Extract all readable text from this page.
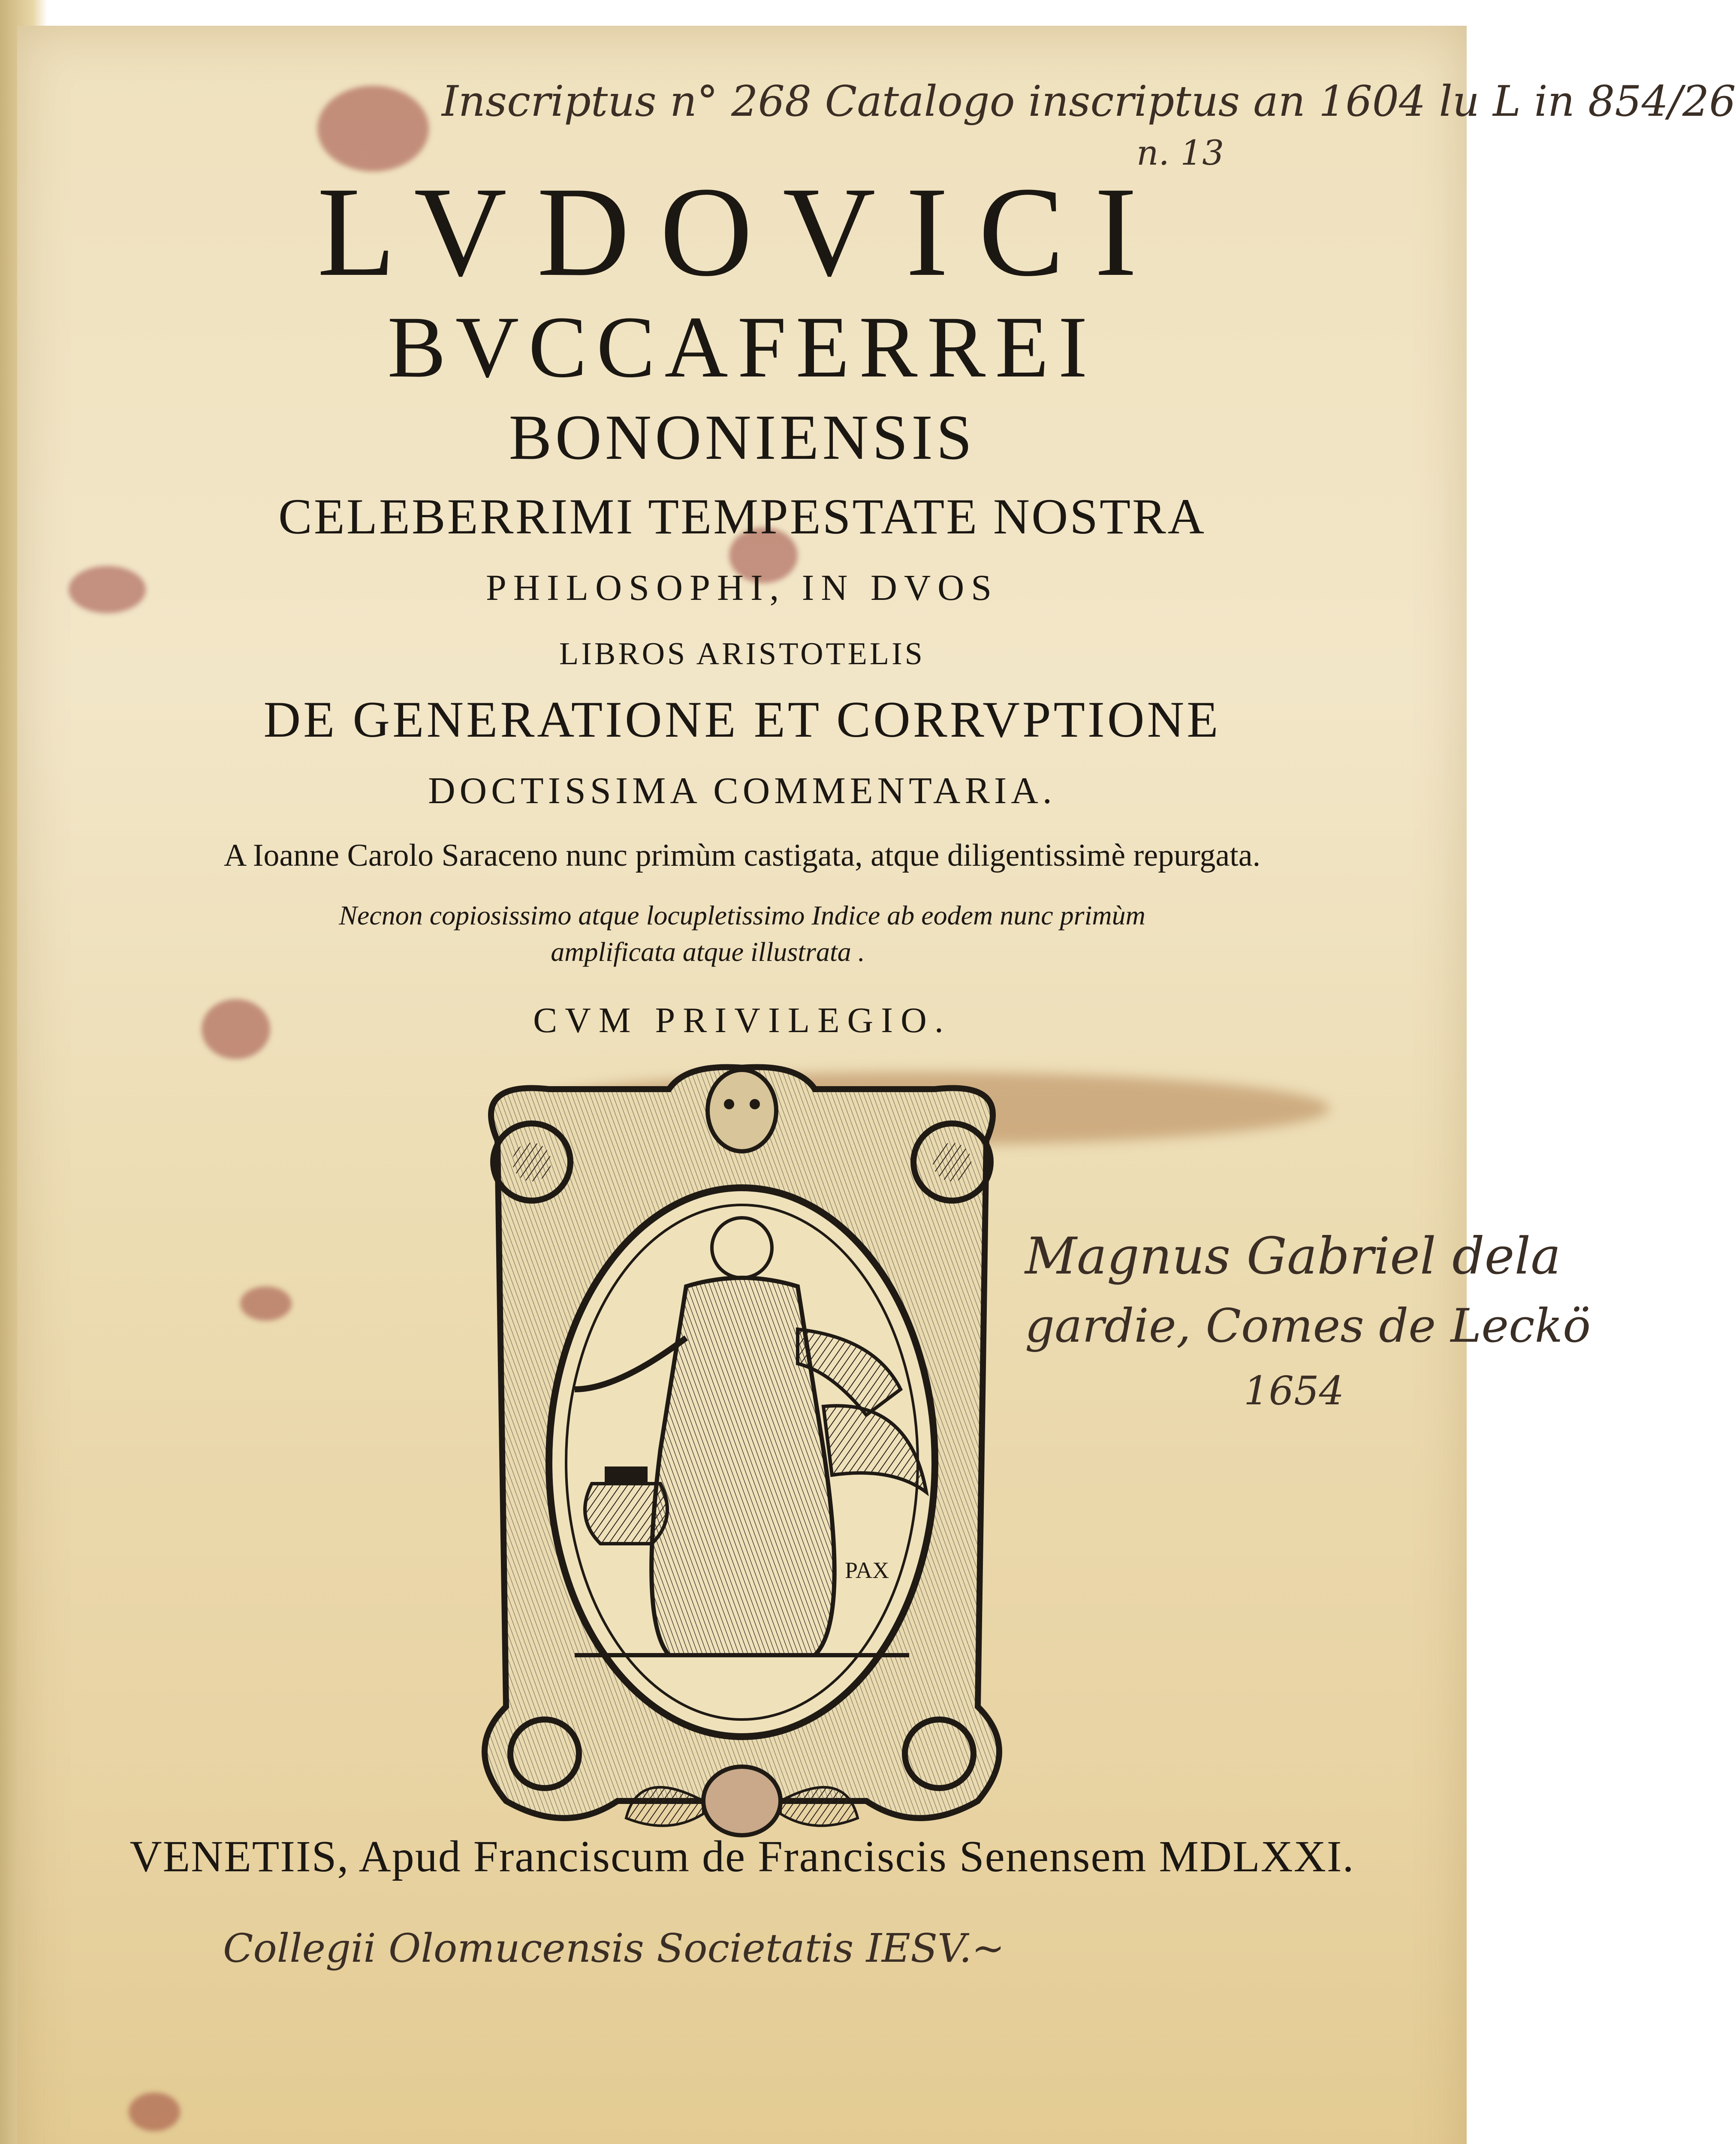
Inscriptus n° 268 Catalogo inscriptus an 1604 lu L in 854/26
n. 13

LVDOVICI

BVCCAFERREI

BONONIENSIS

CELEBERRIMI TEMPESTATE NOSTRA

PHILOSOPHI, IN DVOS

LIBROS ARISTOTELIS

DE GENERATIONE ET CORRVPTIONE

DOCTISSIMA COMMENTARIA.

A Ioanne Carolo Saraceno nunc primùm castigata, atque diligentissimè repurgata.

Necnon copiosissimo atque locupletissimo Indice ab eodem nunc primùm

amplificata atque illustrata .

CVM PRIVILEGIO.

PAX
Magnus Gabriel dela
gardie, Comes de Leckö
1654

VENETIIS, Apud Franciscum de Franciscis Senensem MDLXXI.

Collegii Olomucensis Societatis IESV.~
